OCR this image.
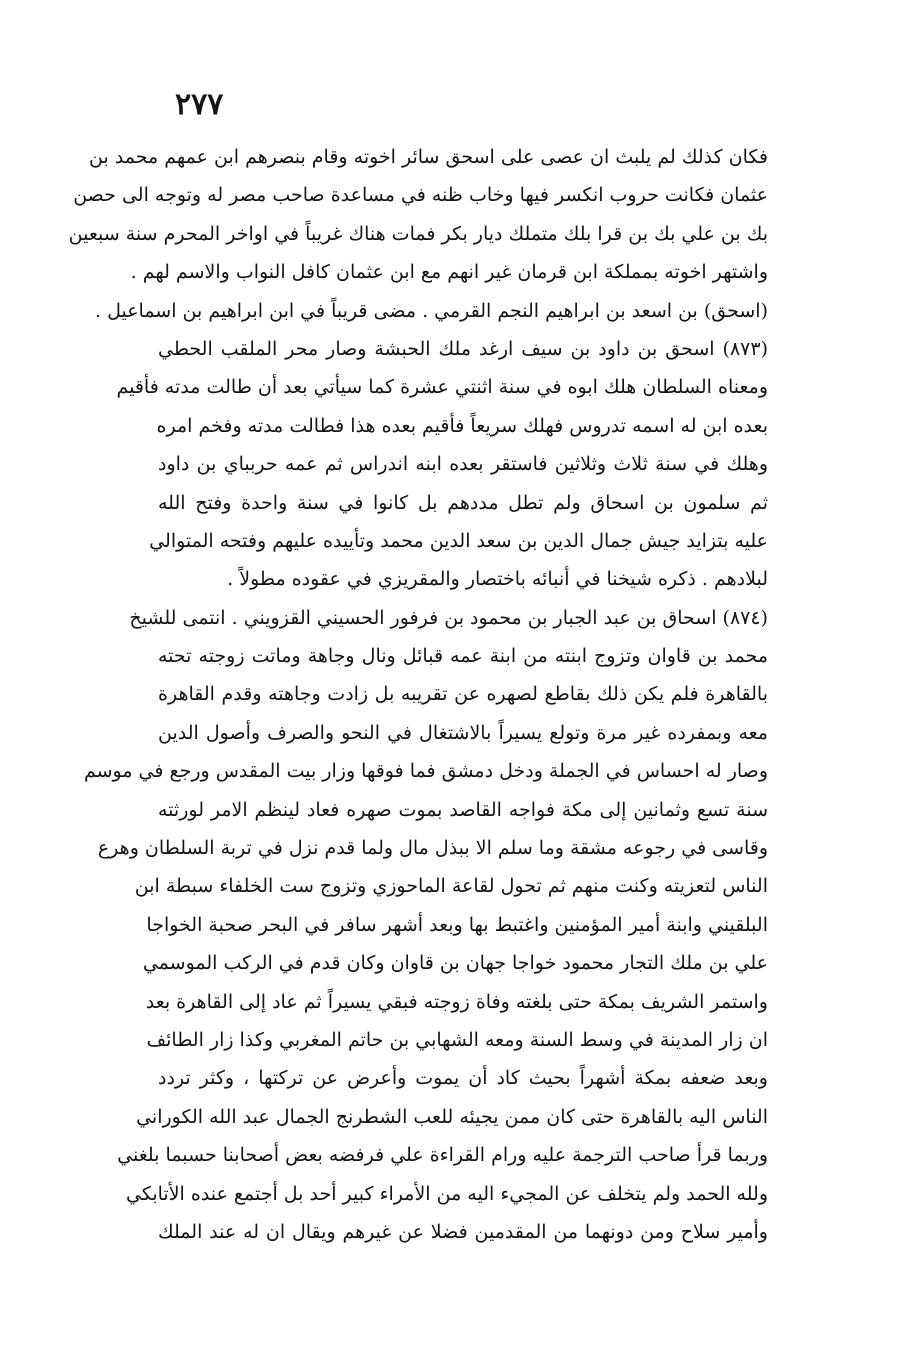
٢٧٧
فكان كذلك لم يلبث ان عصى على اسحق سائر اخوته وقام بنصرهم ابن عمهم محمد بن
عثمان فكانت حروب انكسر فيها وخاب ظنه في مساعدة صاحب مصر له وتوجه الى حصن
بك بن علي بك بن قرا بلك متملك ديار بكر فمات هناك غريباً في اواخر المحرم سنة سبعين
واشتهر اخوته بمملكة ابن قرمان غير انهم مع ابن عثمان كافل النواب والاسم لهم .
(اسحق) بن اسعد بن ابراهيم النجم القرمي . مضى قريباً في ابن ابراهيم بن اسماعيل .
(٨٧٣) اسحق بن داود بن سيف ارغد ملك الحبشة وصار محر الملقب الحطي
ومعناه السلطان هلك ابوه في سنة اثنتي عشرة كما سيأتي بعد أن طالت مدته فأقيم
بعده ابن له اسمه تدروس فهلك سريعاً فأقيم بعده هذا فطالت مدته وفخم امره
وهلك في سنة ثلاث وثلاثين فاستقر بعده ابنه اندراس ثم عمه حربباي بن داود
ثم سلمون بن اسحاق ولم تطل مددهم بل كانوا في سنة واحدة وفتح الله
عليه بتزايد جيش جمال الدين بن سعد الدين محمد وتأييده عليهم وفتحه المتوالي
لبلادهم . ذكره شيخنا في أنبائه باختصار والمقريزي في عقوده مطولاً .
(٨٧٤) اسحاق بن عبد الجبار بن محمود بن فرفور الحسيني القزويني . انتمى للشيخ
محمد بن قاوان وتزوج ابنته من ابنة عمه قبائل ونال وجاهة وماتت زوجته تحته
بالقاهرة فلم يكن ذلك بقاطع لصهره عن تقريبه بل زادت وجاهته وقدم القاهرة
معه وبمفرده غير مرة وتولع يسيراً بالاشتغال في النحو والصرف وأصول الدين
وصار له احساس في الجملة ودخل دمشق فما فوقها وزار بيت المقدس ورجع في موسم
سنة تسع وثمانين إلى مكة فواجه القاصد بموت صهره فعاد لينظم الامر لورثته
وقاسى في رجوعه مشقة وما سلم الا ببذل مال ولما قدم نزل في تربة السلطان وهرع
الناس لتعزيته وكنت منهم ثم تحول لقاعة الماحوزي وتزوج ست الخلفاء سبطة ابن
البلقيني وابنة أمير المؤمنين واغتبط بها وبعد أشهر سافر في البحر صحبة الخواجا
علي بن ملك التجار محمود خواجا جهان بن قاوان وكان قدم في الركب الموسمي
واستمر الشريف بمكة حتى بلغته وفاة زوجته فبقي يسيراً ثم عاد إلى القاهرة بعد
ان زار المدينة في وسط السنة ومعه الشهابي بن حاتم المغربي وكذا زار الطائف
وبعد ضعفه بمكة أشهراً بحيث كاد أن يموت وأعرض عن تركتها ، وكثر تردد
الناس اليه بالقاهرة حتى كان ممن يجيئه للعب الشطرنج الجمال عبد الله الكوراني
وربما قرأ صاحب الترجمة عليه ورام القراءة علي فرفضه بعض أصحابنا حسبما بلغني
ولله الحمد ولم يتخلف عن المجيء اليه من الأمراء كبير أحد بل أجتمع عنده الأتابكي
وأمير سلاح ومن دونهما من المقدمين فضلا عن غيرهم ويقال ان له عند الملك
